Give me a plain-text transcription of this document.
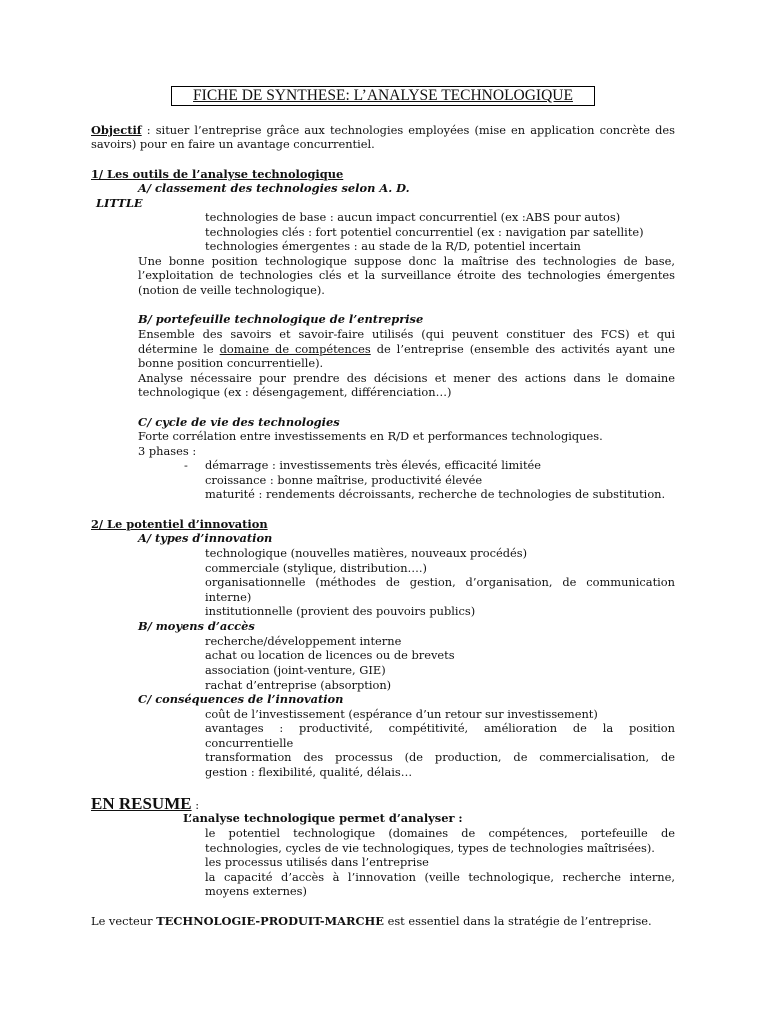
FICHE DE SYNTHESE: L’ANALYSE TECHNOLOGIQUE
Objectif : situer l’entreprise grâce aux technologies employées (mise en application concrète des
savoirs) pour en faire un avantage concurrentiel.
1/ Les outils de l’analyse technologique
A/ classement des technologies selon A. D.
LITTLE
technologies de base : aucun impact concurrentiel (ex :ABS pour autos)
technologies clés : fort potentiel concurrentiel (ex : navigation par satellite)
technologies émergentes : au stade de la R/D, potentiel incertain
Une bonne position technologique suppose donc la maîtrise des technologies de base,
l’exploitation de technologies clés et la surveillance étroite des technologies émergentes
(notion de veille technologique).
B/ portefeuille technologique de l’entreprise
Ensemble des savoirs et savoir-faire utilisés (qui peuvent constituer des FCS) et qui
détermine le domaine de compétences de l’entreprise (ensemble des activités ayant une
bonne position concurrentielle).
Analyse nécessaire pour prendre des décisions et mener des actions dans le domaine
technologique (ex : désengagement, différenciation…)
C/ cycle de vie des technologies
Forte corrélation entre investissements en R/D et performances technologiques.
3 phases :
- démarrage : investissements très élevés, efficacité limitée
croissance : bonne maîtrise, productivité élevée
maturité : rendements décroissants, recherche de technologies de substitution.
2/ Le potentiel d’innovation
A/ types d’innovation
technologique (nouvelles matières, nouveaux procédés)
commerciale (stylique, distribution….)
organisationnelle (méthodes de gestion, d’organisation, de communication
interne)
institutionnelle (provient des pouvoirs publics)
B/ moyens d’accès
recherche/développement interne
achat ou location de licences ou de brevets
association (joint-venture, GIE)
rachat d’entreprise (absorption)
C/ conséquences de l’innovation
coût de l’investissement (espérance d’un retour sur investissement)
avantages : productivité, compétitivité, amélioration de la position
concurrentielle
transformation des processus (de production, de commercialisation, de
gestion : flexibilité, qualité, délais…
EN RESUME :
L’analyse technologique permet d’analyser :
le potentiel technologique (domaines de compétences, portefeuille de
technologies, cycles de vie technologiques, types de technologies maîtrisées).
les processus utilisés dans l’entreprise
la capacité d’accès à l’innovation (veille technologique, recherche interne,
moyens externes)
Le vecteur TECHNOLOGIE-PRODUIT-MARCHE est essentiel dans la stratégie de l’entreprise.
